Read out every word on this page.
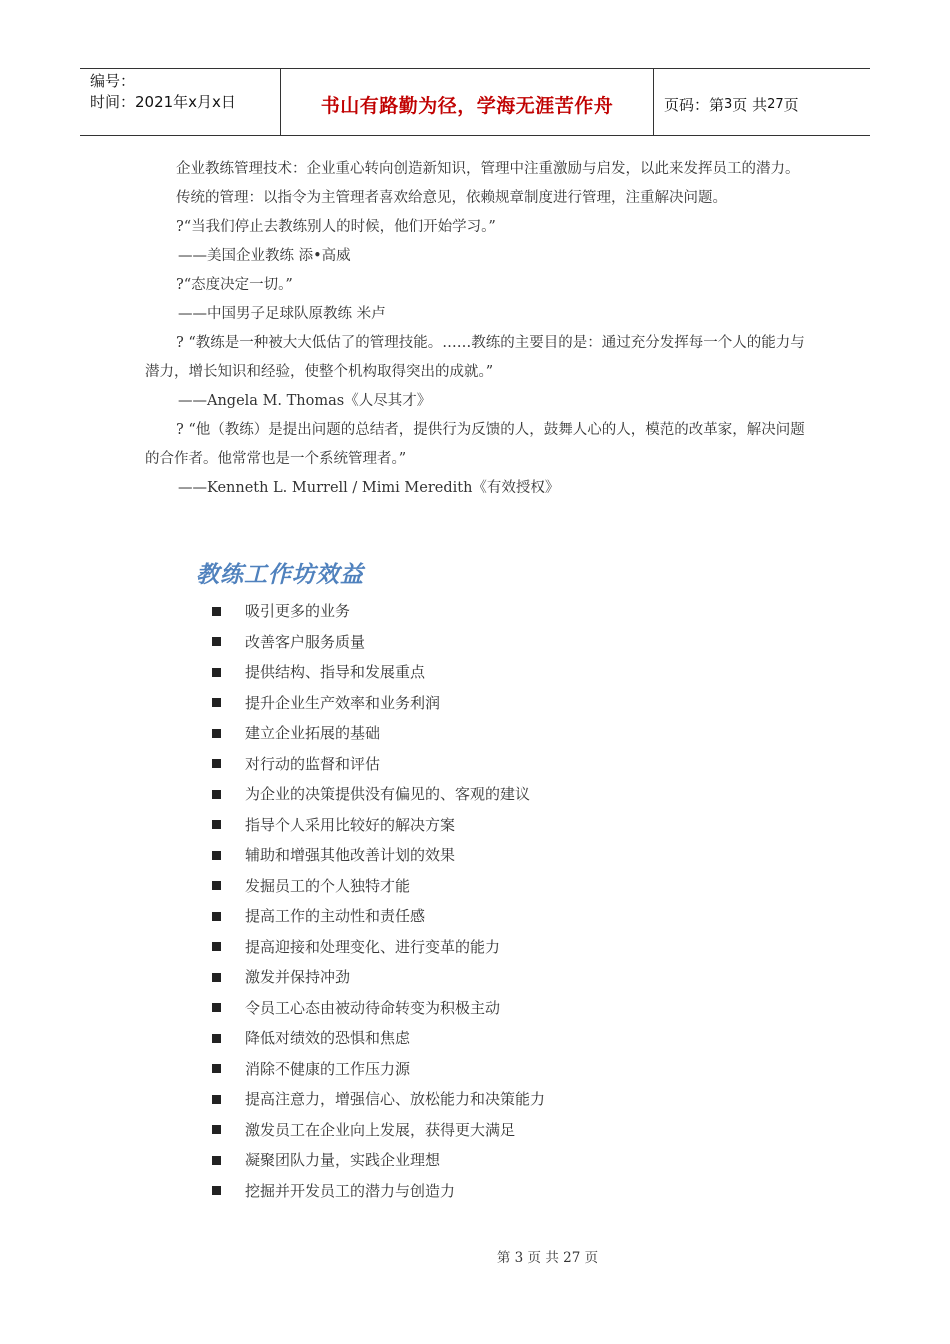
编号：
时间：2021年x月x日	书山有路勤为径，学海无涯苦作舟	页码：第 3 页 共 27 页

企业教练管理技术：企业重心转向创造新知识，管理中注重激励与启发，以此来发挥员工的潜力。

传统的管理：以指令为主管理者喜欢给意见，依赖规章制度进行管理，注重解决问题。

?“当我们停止去教练别人的时候，他们开始学习。”

——美国企业教练 添•高威

?“态度决定一切。”

——中国男子足球队原教练 米卢

? “教练是一种被大大低估了的管理技能。……教练的主要目的是：通过充分发挥每一个人的能力与潜力，增长知识和经验，使整个机构取得突出的成就。”

——Angela M. Thomas《人尽其才》

? “他（教练）是提出问题的总结者，提供行为反馈的人，鼓舞人心的人，模范的改革家，解决问题的合作者。他常常也是一个系统管理者。”

——Kenneth L. Murrell / Mimi Meredith《有效授权》

教练工作坊效益
吸引更多的业务
改善客户服务质量
提供结构、指导和发展重点
提升企业生产效率和业务利润
建立企业拓展的基础
对行动的监督和评估
为企业的决策提供没有偏见的、客观的建议
指导个人采用比较好的解决方案
辅助和增强其他改善计划的效果
发掘员工的个人独特才能
提高工作的主动性和责任感
提高迎接和处理变化、进行变革的能力
激发并保持冲劲
令员工心态由被动待命转变为积极主动
降低对绩效的恐惧和焦虑
消除不健康的工作压力源
提高注意力，增强信心、放松能力和决策能力
激发员工在企业向上发展，获得更大满足
凝聚团队力量，实践企业理想
挖掘并开发员工的潜力与创造力
第 3 页 共 27 页
